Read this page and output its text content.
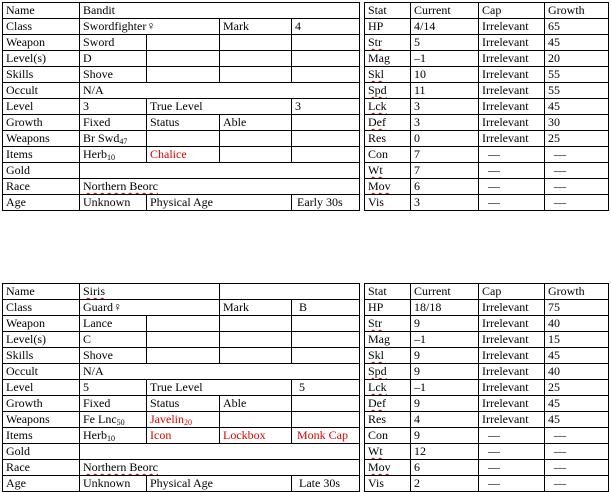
Name	Bandit
Class	Swordfighter♀	Mark	4
Weapon	Sword
Level(s)	D
Skills	Shove
Occult	N/A
Level	3	True Level	3
Growth	Fixed	Status	Able
Weapons	Br Swd$_{47}$
Items	Herb$_{10}$	Chalice
Gold
Race	Northern Beorc
Age	Unknown	Physical Age	Early 30s
Stat	Current	Cap	Growth
HP	4/14	Irrelevant	65
Str	5	Irrelevant	45
Mag	–1	Irrelevant	20
Skl	10	Irrelevant	55
Spd	11	Irrelevant	55
Lck	3	Irrelevant	45
Def	3	Irrelevant	30
Res	0	Irrelevant	25
Con	7	—	—
Wt	7	—	—
Mov	6	—	—
Vis	3	—	—
Name	Siris
Class	Guard♀	Mark	B
Weapon	Lance
Level(s)	C
Skills	Shove
Occult	N/A
Level	5	True Level	5
Growth	Fixed	Status	Able
Weapons	Fe Lnc$_{50}$	Javelin$_{20}$
Items	Herb$_{10}$	Icon	Lockbox	Monk Cap
Gold
Race	Northern Beorc
Age	Unknown	Physical Age	Late 30s
Stat	Current	Cap	Growth
HP	18/18	Irrelevant	75
Str	9	Irrelevant	40
Mag	–1	Irrelevant	15
Skl	9	Irrelevant	45
Spd	9	Irrelevant	40
Lck	–1	Irrelevant	25
Def	9	Irrelevant	45
Res	4	Irrelevant	45
Con	9	—	—
Wt	12	—	—
Mov	6	—	—
Vis	2	—	—
